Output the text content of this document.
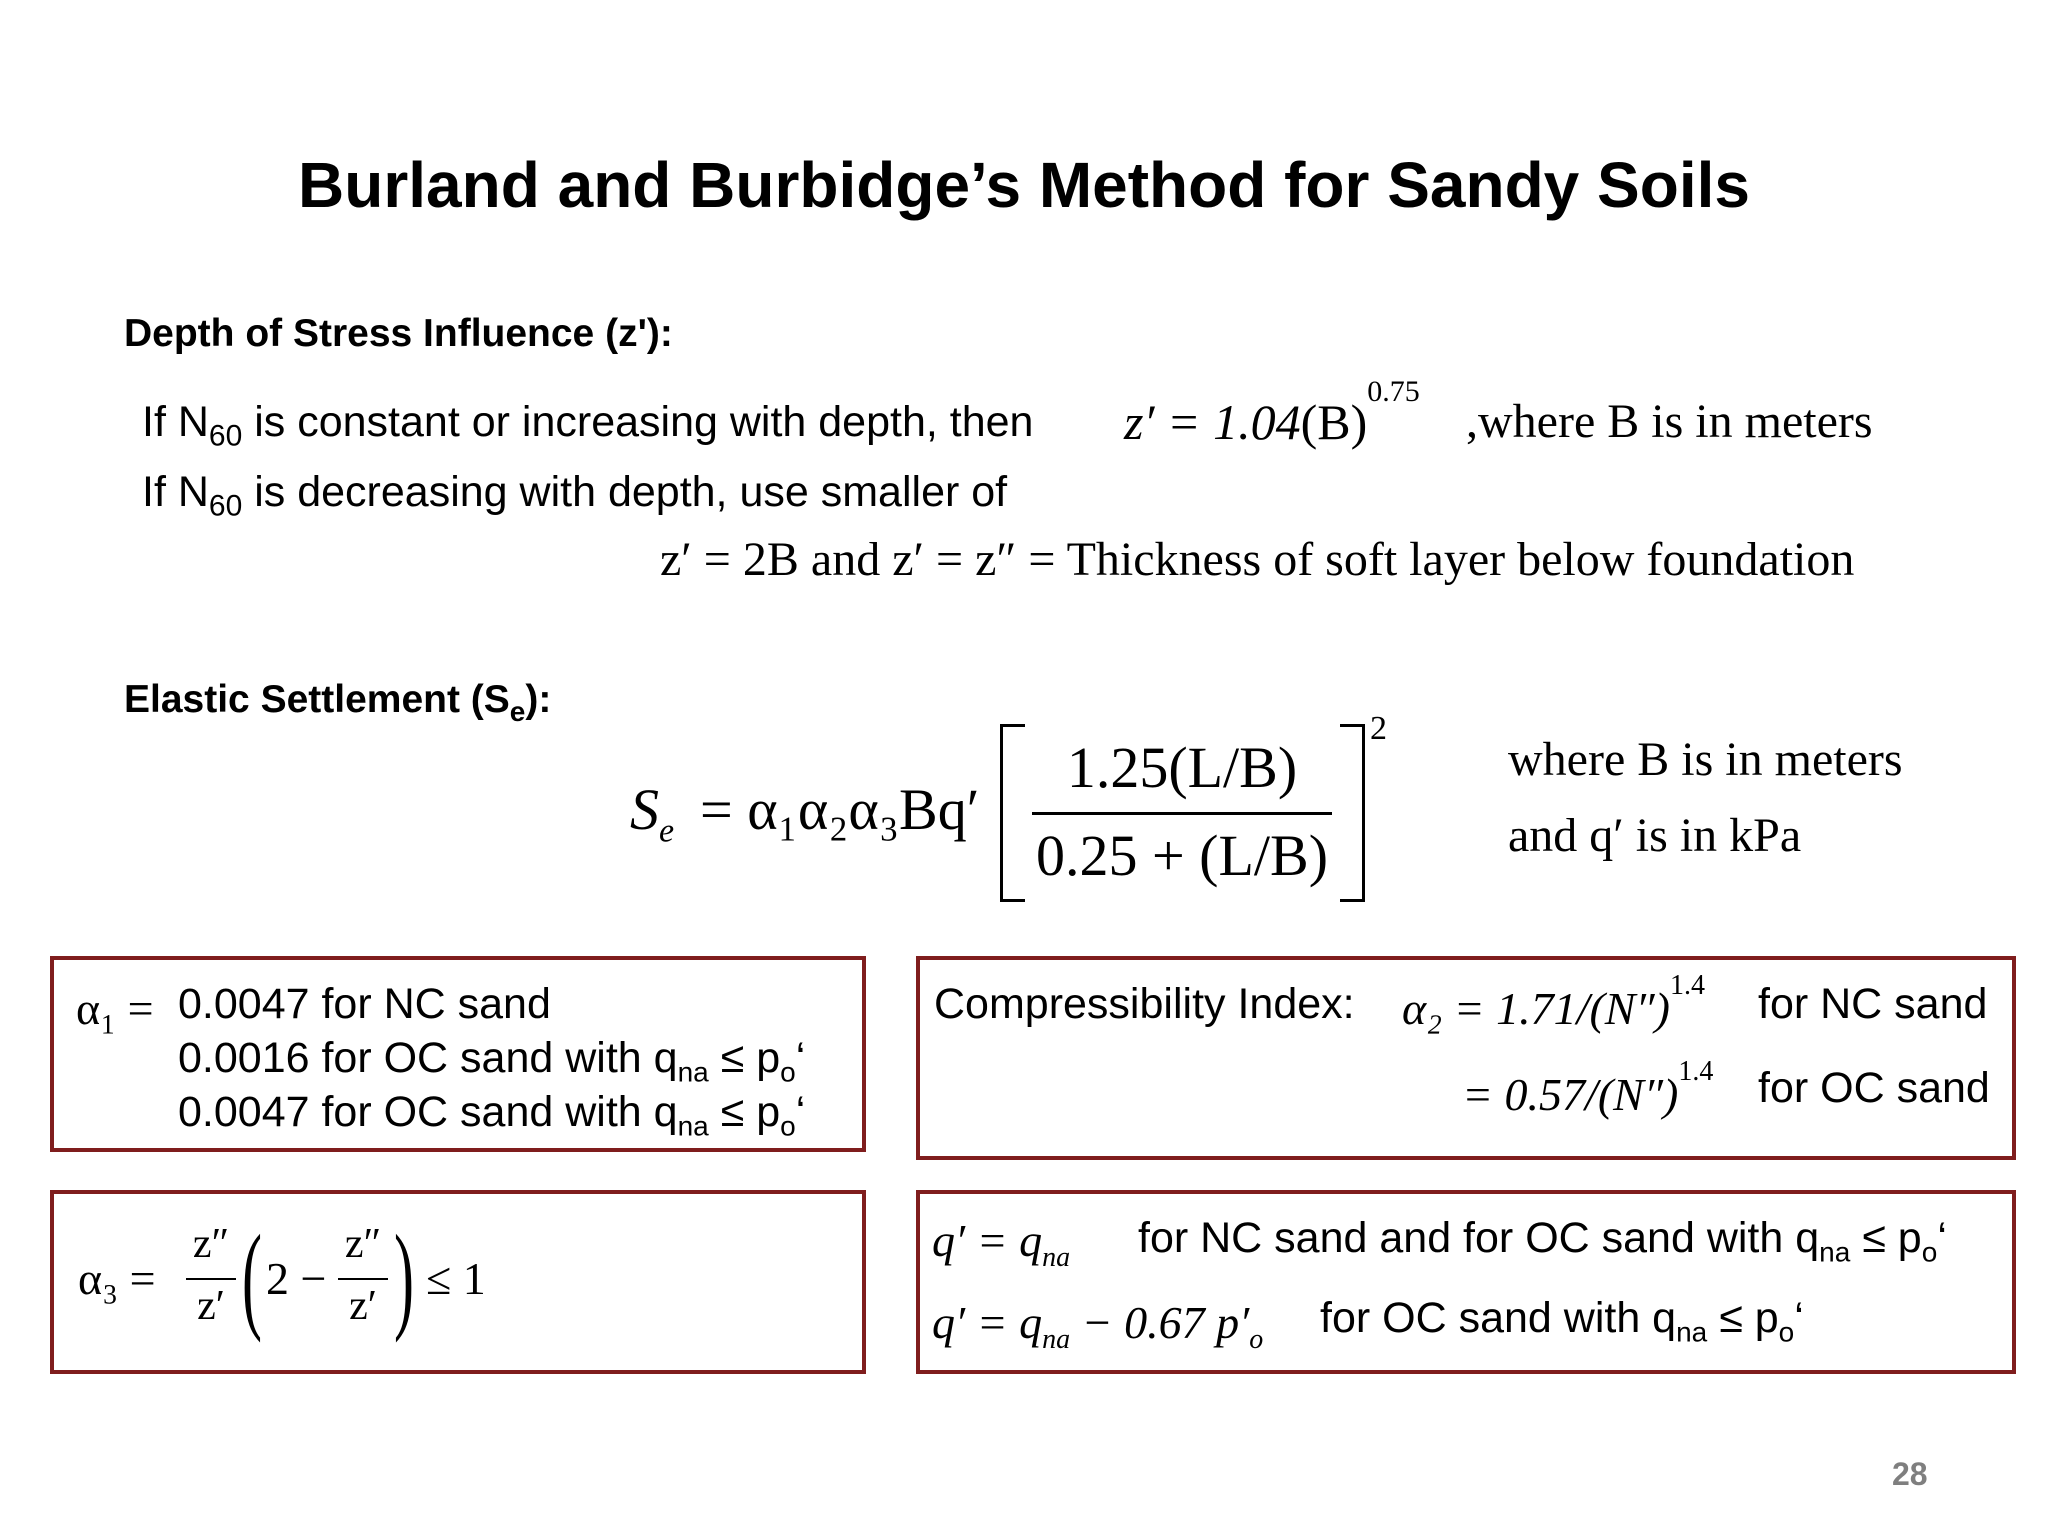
Burland and Burbidge’s Method for Sandy Soils
Depth of Stress Influence (z'):
If $N_{60}$ is constant or increasing with depth, then $z' = 1.04(B)^{0.75}$
,where B is in meters
If $N_{60}$ is decreasing with depth, use smaller of
z′ = 2B and z′ = z″ = Thickness of soft layer below foundation
Elastic Settlement $(S_e)$:
$S_e = \alpha_1\alpha_2\alpha_3Bq'$
1.25(L/B)
0.25 + (L/B)
2
where B is in meters
and q′ is in kPa
α₁ = 0.0047 for NC sand
0.0016 for OC sand with $q_{na}$ ≤ $p_o‘$
0.0047 for OC sand with $q_{na}$ ≤ $p_o‘$
Compressibility Index: $\alpha_2 = 1.71/(N'')^{1.4}$ for NC sand
= $0.57/(N'')^{1.4}$ for OC sand
α₃ =
z″
z′ ( 2 −
z″
z′ ) ≤ 1
$q' = q_{na}$ for NC sand and for OC sand with $q_{na}$ ≤ $p_o‘$
$q' = q_{na} - 0.67$ $p'_o$ for OC sand with $q_{na}$ ≤ $p_o‘$
28
